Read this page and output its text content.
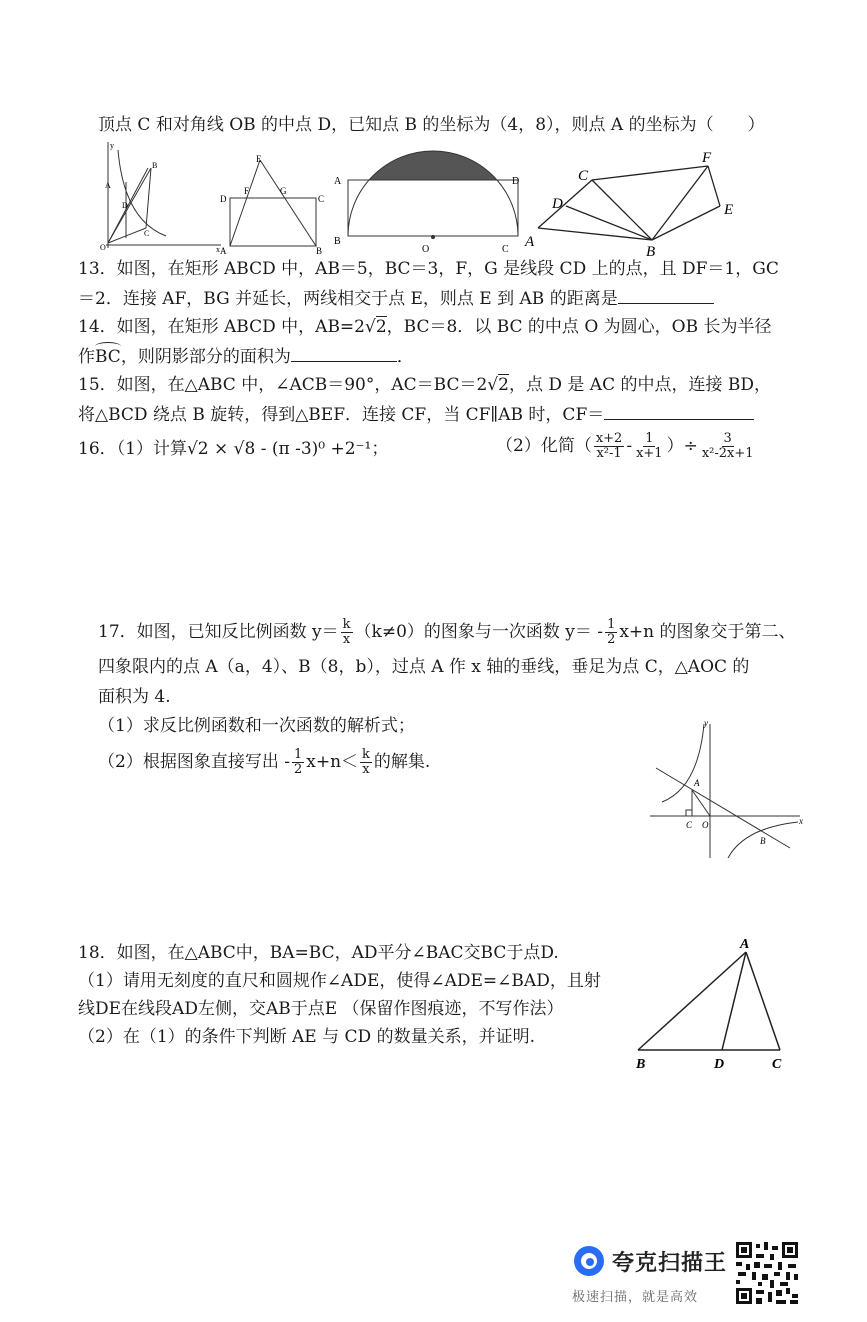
顶点 C 和对角线 OB 的中点 D，已知点 B 的坐标为（4，8），则点 A 的坐标为（　　）
y
x
B
A
D
C
O
E
D
F	G
C
A	B
A	D
B
O	C A
D
C
F
E
B
13．如图，在矩形 ABCD 中，AB＝5，BC＝3，F，G 是线段 CD 上的点，且 DF＝1，GC
＝2．连接 AF，BG 并延长，两线相交于点 E，则点 E 到 AB 的距离是
14．如图，在矩形 ABCD 中，AB=2√2，BC＝8．以 BC 的中点 O 为圆心，OB 长为半径
作
BC，则阴影部分的面积为	．
15．如图，在△ABC 中，∠ACB＝90°，AC＝BC＝2√2，点 D 是 AC 的中点，连接 BD，
将△BCD 绕点 B 旋转，得到△BEF．连接 CF，当 CF∥AB 时，CF＝
16．（1）计算√2 × √8 - (π -3)⁰ +2⁻¹；	（2）化简（ $\frac{x+2}{\text{x²-1}} - \frac{1}{x+1}$ ）÷ $\frac{3}{\text{x²-2x+1}}$
17．如图，已知反比例函数 $y= \frac{k}{x} (k\ne 0)$的图象与一次函数 $y= - \frac{1}{2} x+n$ 的图象交于第二、
四象限内的点 A（a，4）、B（8，b），过点 A 作 x 轴的垂线，垂足为点 C，△AOC 的
面积为 4.
（1）求反比例函数和一次函数的解析式；
（2）根据图象直接写出 - $\frac{1}{2} x+n< \frac{k}{x}$ 的解集.
y
x
A
C O
B
18．如图，在△ABC中，BA=BC，AD平分∠BAC交BC于点D.
（1）请用无刻度的直尺和圆规作∠ADE，使得∠ADE=∠BAD，且射
线DE在线段AD左侧，交AB于点E （保留作图痕迹，不写作法）
（2）在（1）的条件下判断 AE 与 CD 的数量关系，并证明.
A
B	D	C
夸克扫描王
极速扫描，就是高效
